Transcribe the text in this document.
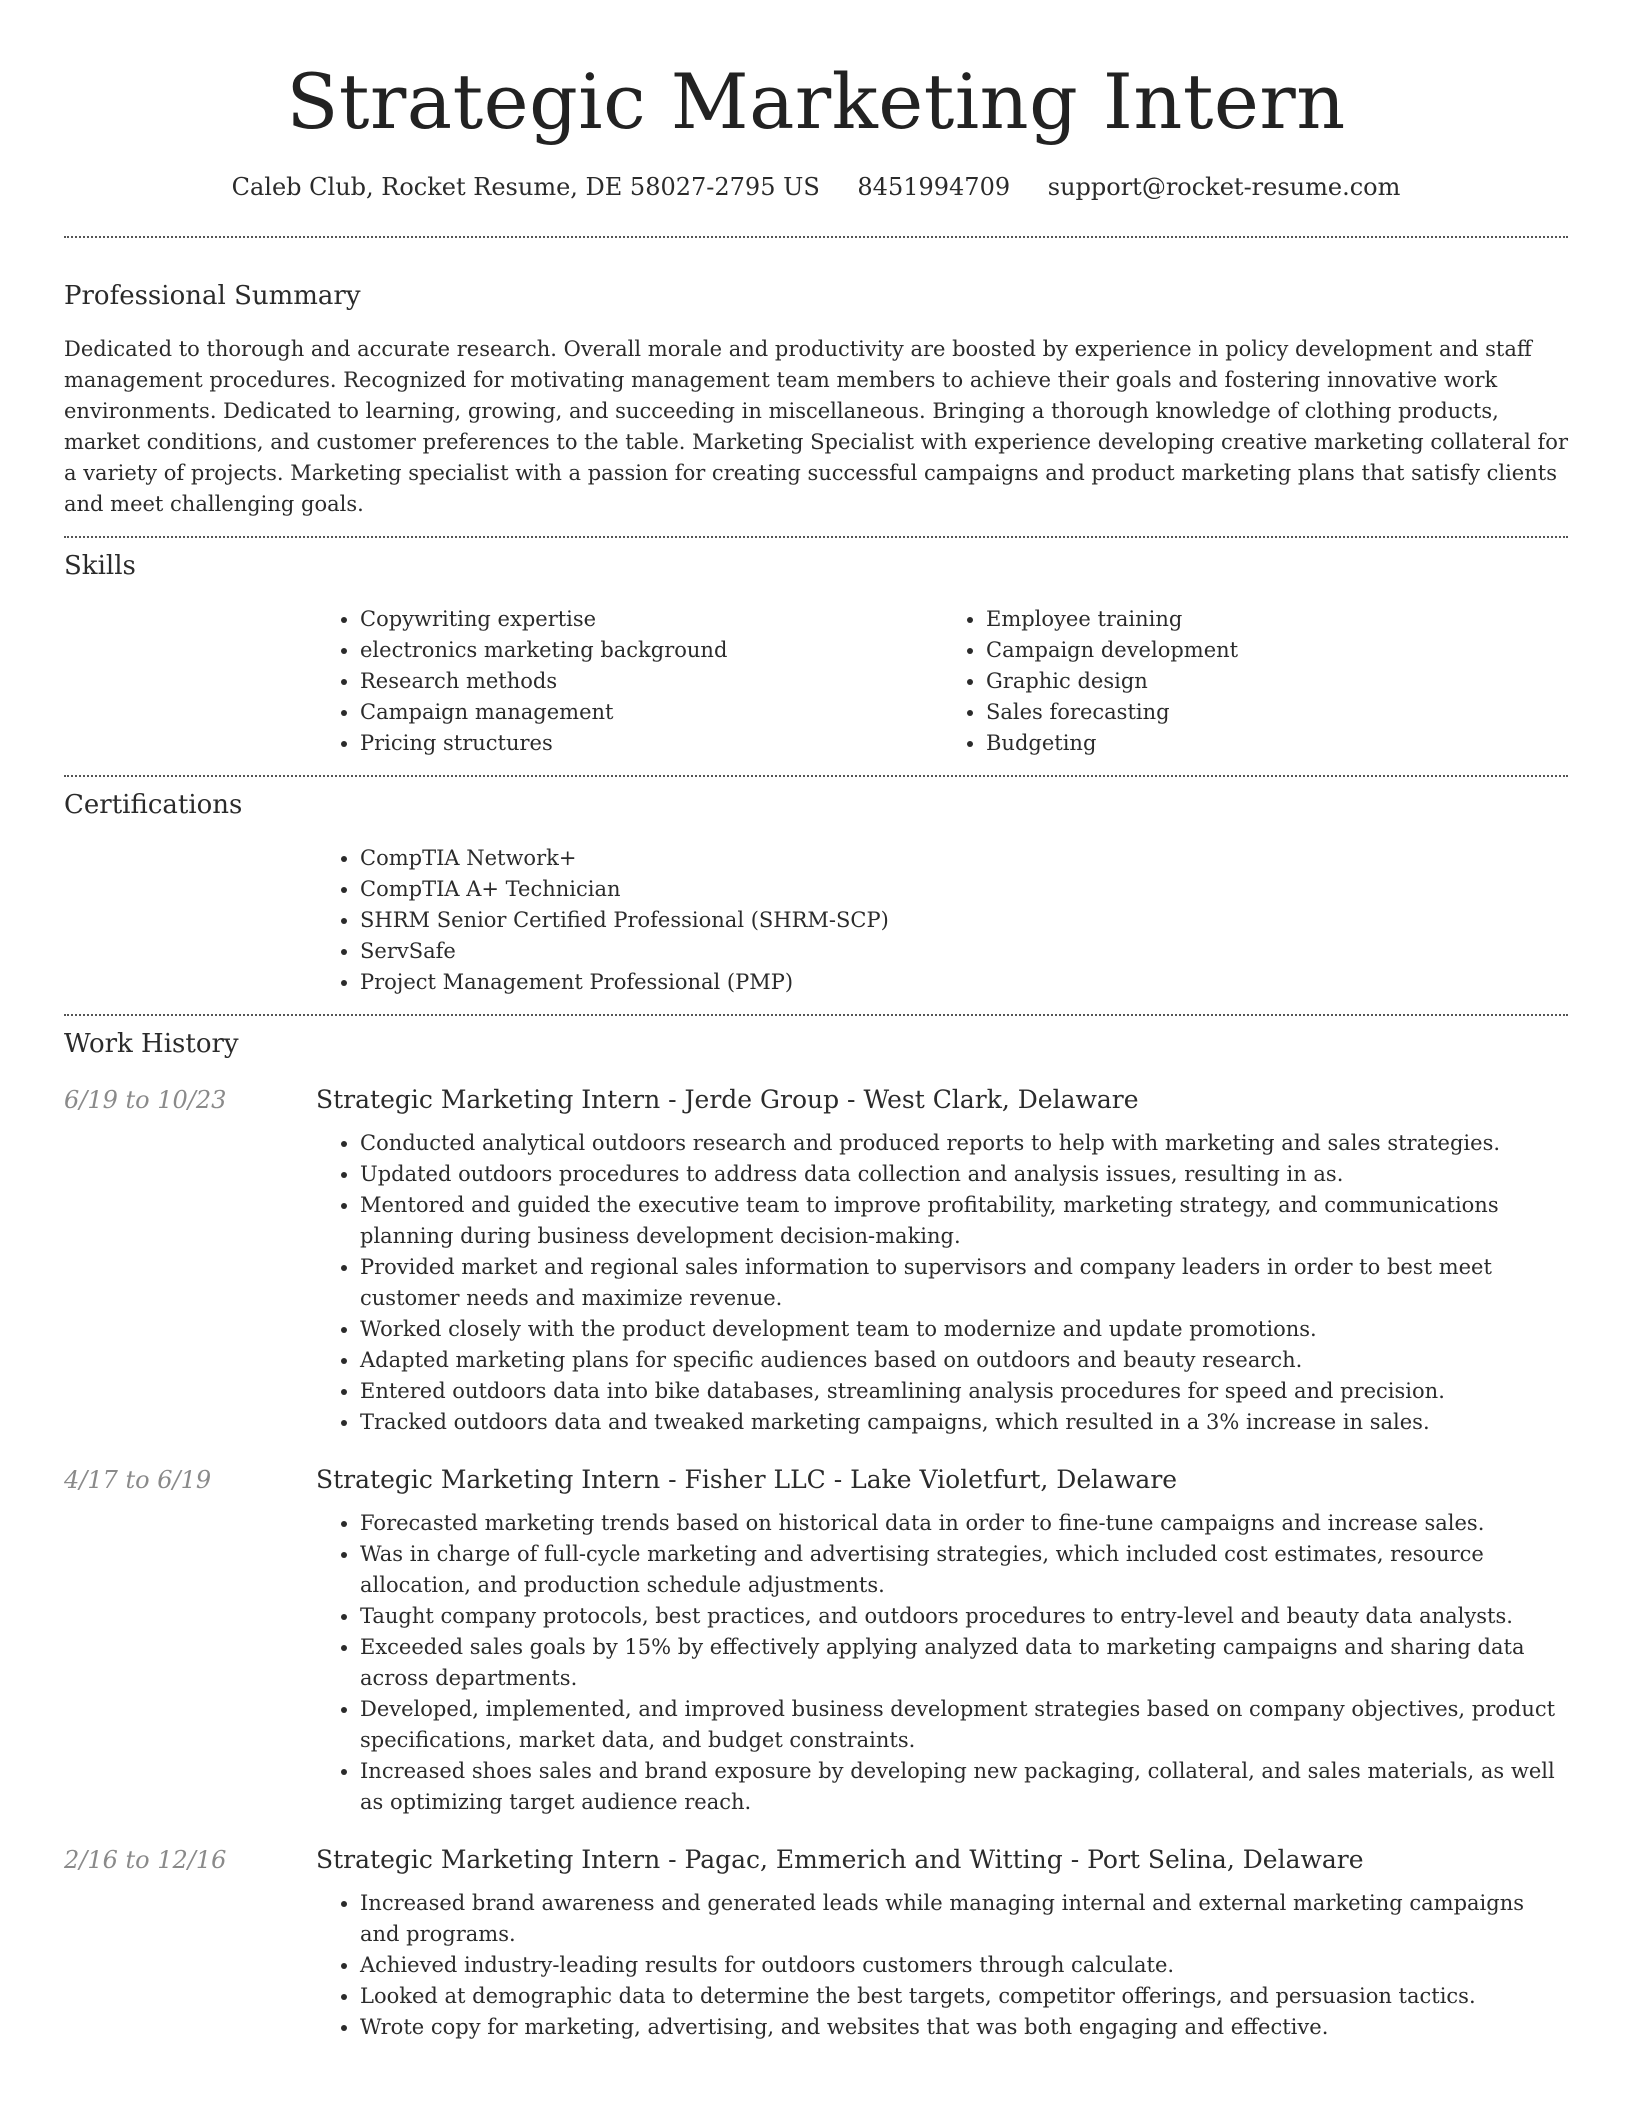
Strategic Marketing Intern
Caleb Club, Rocket Resume, DE 58027-2795 US 8451994709 support@rocket-resume.com
Professional Summary

Dedicated to thorough and accurate research. Overall morale and productivity are boosted by experience in policy development and staff management procedures. Recognized for motivating management team members to achieve their goals and fostering innovative work environments. Dedicated to learning, growing, and succeeding in miscellaneous. Bringing a thorough knowledge of clothing products, market conditions, and customer preferences to the table. Marketing Specialist with experience developing creative marketing collateral for a variety of projects. Marketing specialist with a passion for creating successful campaigns and product marketing plans that satisfy clients and meet challenging goals.

Skills
• Copywriting expertise
• electronics marketing background
• Research methods
• Campaign management
• Pricing structures
• Employee training
• Campaign development
• Graphic design
• Sales forecasting
• Budgeting
Certifications
• CompTIA Network+
• CompTIA A+ Technician
• SHRM Senior Certified Professional (SHRM-SCP)
• ServSafe
• Project Management Professional (PMP)
Work History
6/19 to 10/23	Strategic Marketing Intern - Jerde Group - West Clark, Delaware
• Conducted analytical outdoors research and produced reports to help with marketing and sales strategies.
• Updated outdoors procedures to address data collection and analysis issues, resulting in as.
• Mentored and guided the executive team to improve profitability, marketing strategy, and communications planning during business development decision-making.
• Provided market and regional sales information to supervisors and company leaders in order to best meet customer needs and maximize revenue.
• Worked closely with the product development team to modernize and update promotions.
• Adapted marketing plans for specific audiences based on outdoors and beauty research.
• Entered outdoors data into bike databases, streamlining analysis procedures for speed and precision.
• Tracked outdoors data and tweaked marketing campaigns, which resulted in a 3% increase in sales.
4/17 to 6/19	Strategic Marketing Intern - Fisher LLC - Lake Violetfurt, Delaware
• Forecasted marketing trends based on historical data in order to fine-tune campaigns and increase sales.
• Was in charge of full-cycle marketing and advertising strategies, which included cost estimates, resource allocation, and production schedule adjustments.
• Taught company protocols, best practices, and outdoors procedures to entry-level and beauty data analysts.
• Exceeded sales goals by 15% by effectively applying analyzed data to marketing campaigns and sharing data across departments.
• Developed, implemented, and improved business development strategies based on company objectives, product specifications, market data, and budget constraints.
• Increased shoes sales and brand exposure by developing new packaging, collateral, and sales materials, as well as optimizing target audience reach.
2/16 to 12/16	Strategic Marketing Intern - Pagac, Emmerich and Witting - Port Selina, Delaware
• Increased brand awareness and generated leads while managing internal and external marketing campaigns and programs.
• Achieved industry-leading results for outdoors customers through calculate.
• Looked at demographic data to determine the best targets, competitor offerings, and persuasion tactics.
• Wrote copy for marketing, advertising, and websites that was both engaging and effective.
